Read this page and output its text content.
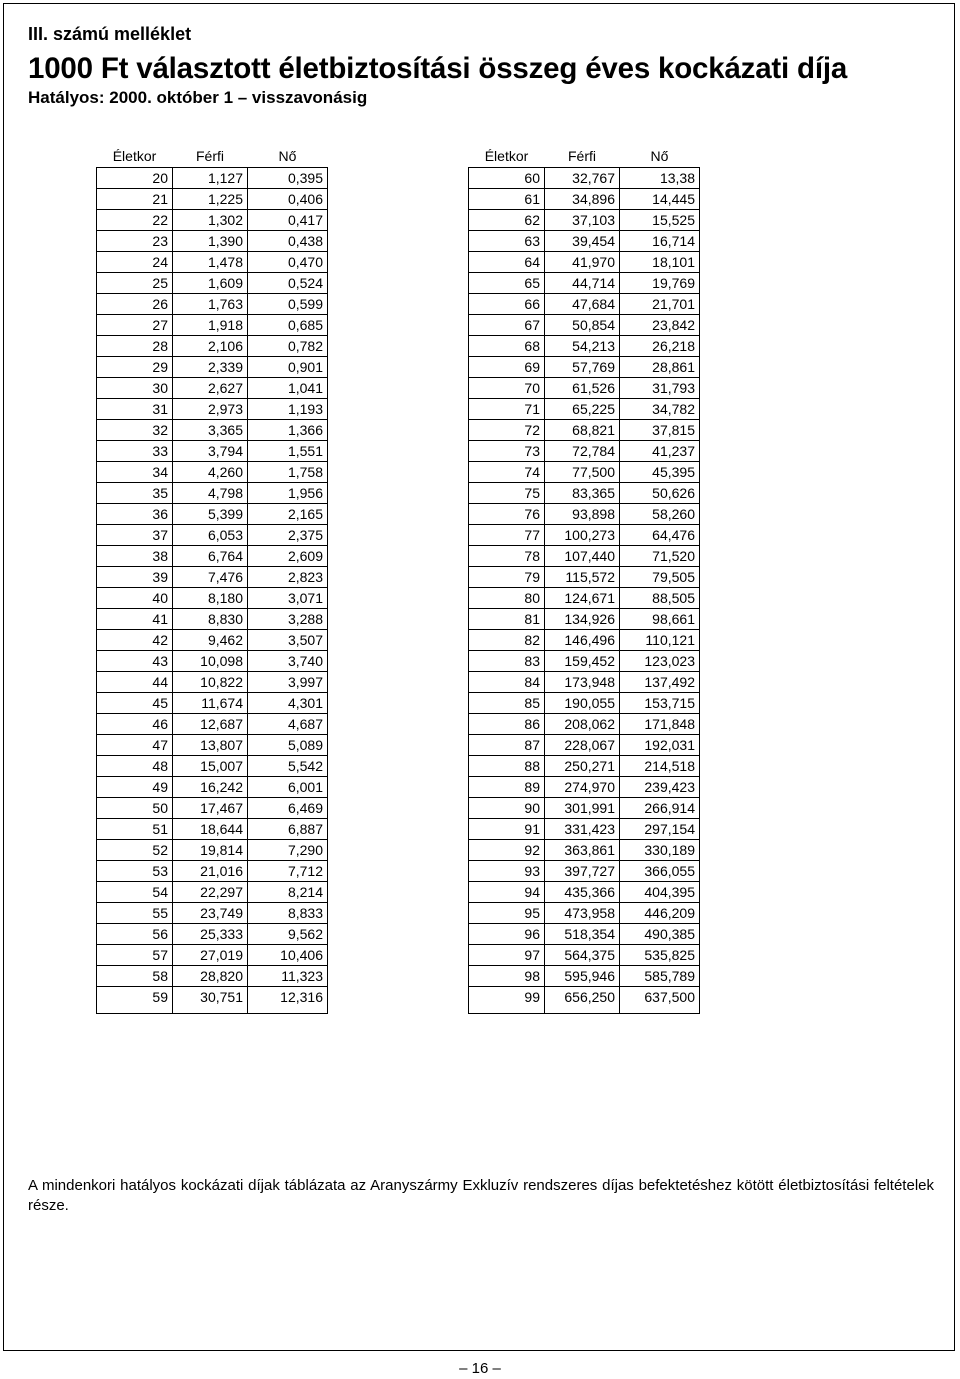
III. számú melléklet
1000 Ft választott életbiztosítási összeg éves kockázati díja
Hatályos: 2000. október 1 – visszavonásig
Életkor	Férfi	Nő
20	1,127	0,395
21	1,225	0,406
22	1,302	0,417
23	1,390	0,438
24	1,478	0,470
25	1,609	0,524
26	1,763	0,599
27	1,918	0,685
28	2,106	0,782
29	2,339	0,901
30	2,627	1,041
31	2,973	1,193
32	3,365	1,366
33	3,794	1,551
34	4,260	1,758
35	4,798	1,956
36	5,399	2,165
37	6,053	2,375
38	6,764	2,609
39	7,476	2,823
40	8,180	3,071
41	8,830	3,288
42	9,462	3,507
43	10,098	3,740
44	10,822	3,997
45	11,674	4,301
46	12,687	4,687
47	13,807	5,089
48	15,007	5,542
49	16,242	6,001
50	17,467	6,469
51	18,644	6,887
52	19,814	7,290
53	21,016	7,712
54	22,297	8,214
55	23,749	8,833
56	25,333	9,562
57	27,019	10,406
58	28,820	11,323
59	30,751	12,316
Életkor	Férfi	Nő
60	32,767	13,38
61	34,896	14,445
62	37,103	15,525
63	39,454	16,714
64	41,970	18,101
65	44,714	19,769
66	47,684	21,701
67	50,854	23,842
68	54,213	26,218
69	57,769	28,861
70	61,526	31,793
71	65,225	34,782
72	68,821	37,815
73	72,784	41,237
74	77,500	45,395
75	83,365	50,626
76	93,898	58,260
77	100,273	64,476
78	107,440	71,520
79	115,572	79,505
80	124,671	88,505
81	134,926	98,661
82	146,496	110,121
83	159,452	123,023
84	173,948	137,492
85	190,055	153,715
86	208,062	171,848
87	228,067	192,031
88	250,271	214,518
89	274,970	239,423
90	301,991	266,914
91	331,423	297,154
92	363,861	330,189
93	397,727	366,055
94	435,366	404,395
95	473,958	446,209
96	518,354	490,385
97	564,375	535,825
98	595,946	585,789
99	656,250	637,500
A mindenkori hatályos kockázati díjak táblázata az Aranyszármy Exkluzív rendszeres díjas befektetéshez kötött életbiztosítási feltételek része.
– 16 –
